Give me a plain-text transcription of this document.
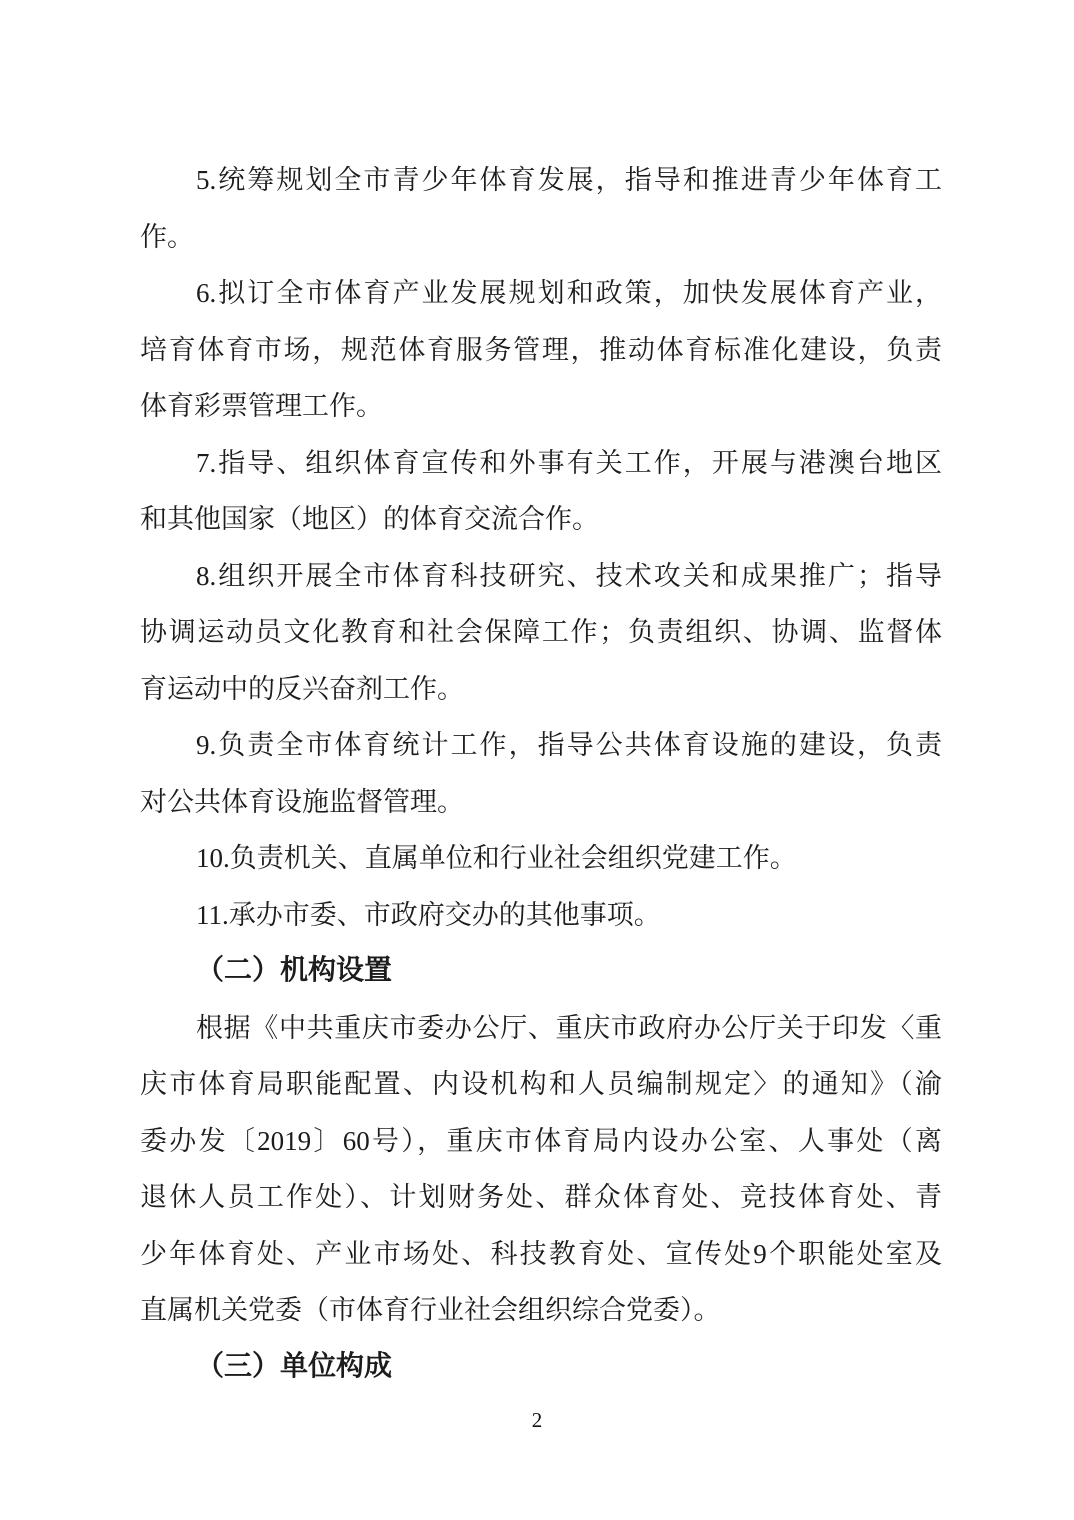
5.统筹规划全市青少年体育发展，指导和推进青少年体育工
作。
6.拟订全市体育产业发展规划和政策，加快发展体育产业，
培育体育市场，规范体育服务管理，推动体育标准化建设，负责
体育彩票管理工作。
7.指导、组织体育宣传和外事有关工作，开展与港澳台地区
和其他国家（地区）的体育交流合作。
8.组织开展全市体育科技研究、技术攻关和成果推广；指导
协调运动员文化教育和社会保障工作；负责组织、协调、监督体
育运动中的反兴奋剂工作。
9.负责全市体育统计工作，指导公共体育设施的建设，负责
对公共体育设施监督管理。
10.负责机关、直属单位和行业社会组织党建工作。
11.承办市委、市政府交办的其他事项。
（二）机构设置
根据《中共重庆市委办公厅、重庆市政府办公厅关于印发〈重
庆市体育局职能配置、内设机构和人员编制规定〉的通知》（渝
委办发〔2019〕60号），重庆市体育局内设办公室、人事处（离
退休人员工作处）、计划财务处、群众体育处、竞技体育处、青
少年体育处、产业市场处、科技教育处、宣传处9个职能处室及
直属机关党委（市体育行业社会组织综合党委）。
（三）单位构成
2
